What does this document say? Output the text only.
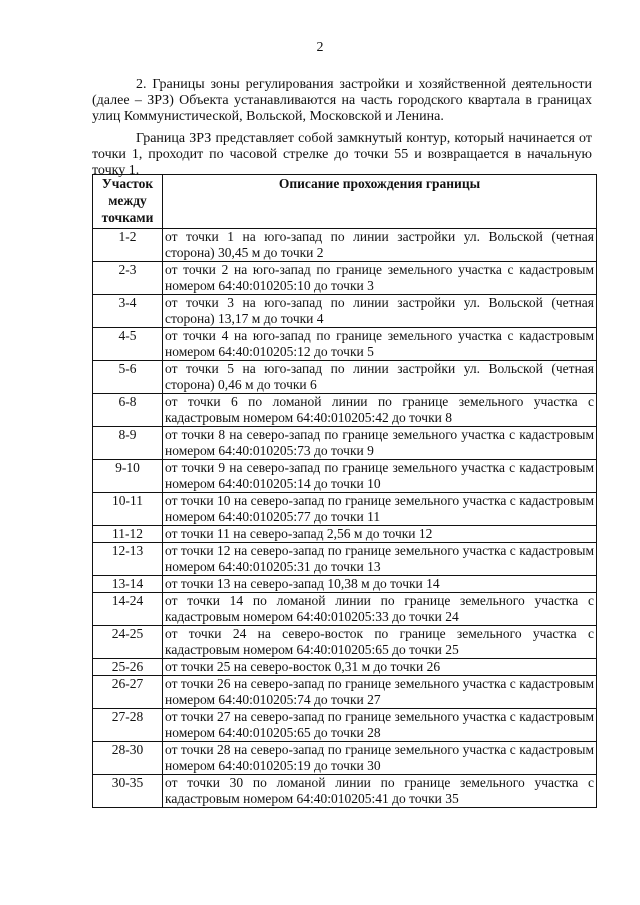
2

2. Границы зоны регулирования застройки и хозяйственной деятельности (далее – ЗРЗ) Объекта устанавливаются на часть городского квартала в границах улиц Коммунистической, Вольской, Московской и Ленина.

Граница ЗРЗ представляет собой замкнутый контур, который начинается от точки 1, проходит по часовой стрелке до точки 55 и возвращается в начальную точку 1.

Участок
между
точками	Описание прохождения границы
1-2	от точки 1 на юго-запад по линии застройки ул. Вольской (четная сторона) 30,45 м до точки 2
2-3	от точки 2 на юго-запад по границе земельного участка с кадастровым номером 64:40:010205:10 до точки 3
3-4	от точки 3 на юго-запад по линии застройки ул. Вольской (четная сторона) 13,17 м до точки 4
4-5	от точки 4 на юго-запад по границе земельного участка с кадастровым номером 64:40:010205:12 до точки 5
5-6	от точки 5 на юго-запад по линии застройки ул. Вольской (четная сторона) 0,46 м до точки 6
6-8	от точки 6 по ломаной линии по границе земельного участка с кадастровым номером 64:40:010205:42 до точки 8
8-9	от точки 8 на северо-запад по границе земельного участка с кадастровым номером 64:40:010205:73 до точки 9
9-10	от точки 9 на северо-запад по границе земельного участка с кадастровым номером 64:40:010205:14 до точки 10
10-11	от точки 10 на северо-запад по границе земельного участка с кадастровым номером 64:40:010205:77 до точки 11
11-12	от точки 11 на северо-запад 2,56 м до точки 12
12-13	от точки 12 на северо-запад по границе земельного участка с кадастровым номером 64:40:010205:31 до точки 13
13-14	от точки 13 на северо-запад 10,38 м до точки 14
14-24	от точки 14 по ломаной линии по границе земельного участка с кадастровым номером 64:40:010205:33 до точки 24
24-25	от точки 24 на северо-восток по границе земельного участка с кадастровым номером 64:40:010205:65 до точки 25
25-26	от точки 25 на северо-восток 0,31 м до точки 26
26-27	от точки 26 на северо-запад по границе земельного участка с кадастровым номером 64:40:010205:74 до точки 27
27-28	от точки 27 на северо-запад по границе земельного участка с кадастровым номером 64:40:010205:65 до точки 28
28-30	от точки 28 на северо-запад по границе земельного участка с кадастровым номером 64:40:010205:19 до точки 30
30-35	от точки 30 по ломаной линии по границе земельного участка с кадастровым номером 64:40:010205:41 до точки 35
